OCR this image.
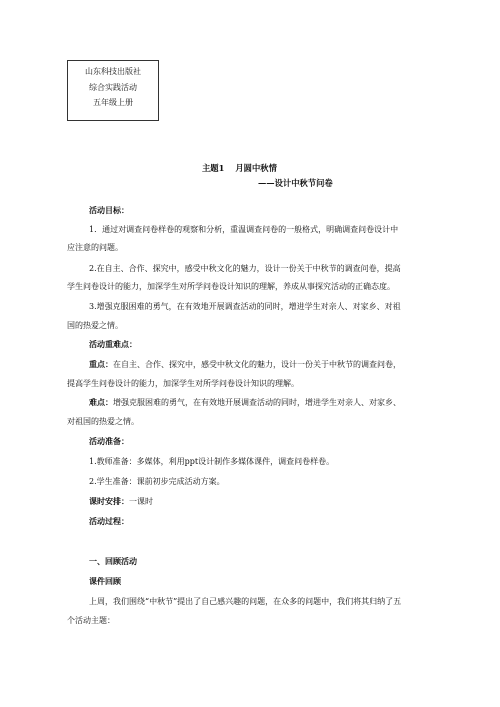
山东科技出版社
综合实践活动
五年级上册
主题1 月圆中秋情
——设计中秋节问卷
活动目标：
1．通过对调查问卷样卷的观察和分析，重温调查问卷的一般格式，明确调查问卷设计中
应注意的问题。
2.在自主、合作、探究中，感受中秋文化的魅力，设计一份关于中秋节的调查问卷，提高
学生问卷设计的能力，加深学生对所学问卷设计知识的理解，养成从事探究活动的正确态度。
3.增强克服困难的勇气，在有效地开展调查活动的同时，增进学生对亲人、对家乡、对祖
国的热爱之情。
活动重难点：
重点：在自主、合作、探究中，感受中秋文化的魅力，设计一份关于中秋节的调查问卷，
提高学生问卷设计的能力，加深学生对所学问卷设计知识的理解。
难点：增强克服困难的勇气，在有效地开展调查活动的同时，增进学生对亲人、对家乡、
对祖国的热爱之情。
活动准备：
1.教师准备：多媒体，利用ppt设计制作多媒体课件，调查问卷样卷。
2.学生准备：课前初步完成活动方案。
课时安排：一课时
活动过程：
一、回顾活动
课件回顾
上周，我们围绕“中秋节”提出了自己感兴趣的问题，在众多的问题中，我们将其归纳了五
个活动主题：
